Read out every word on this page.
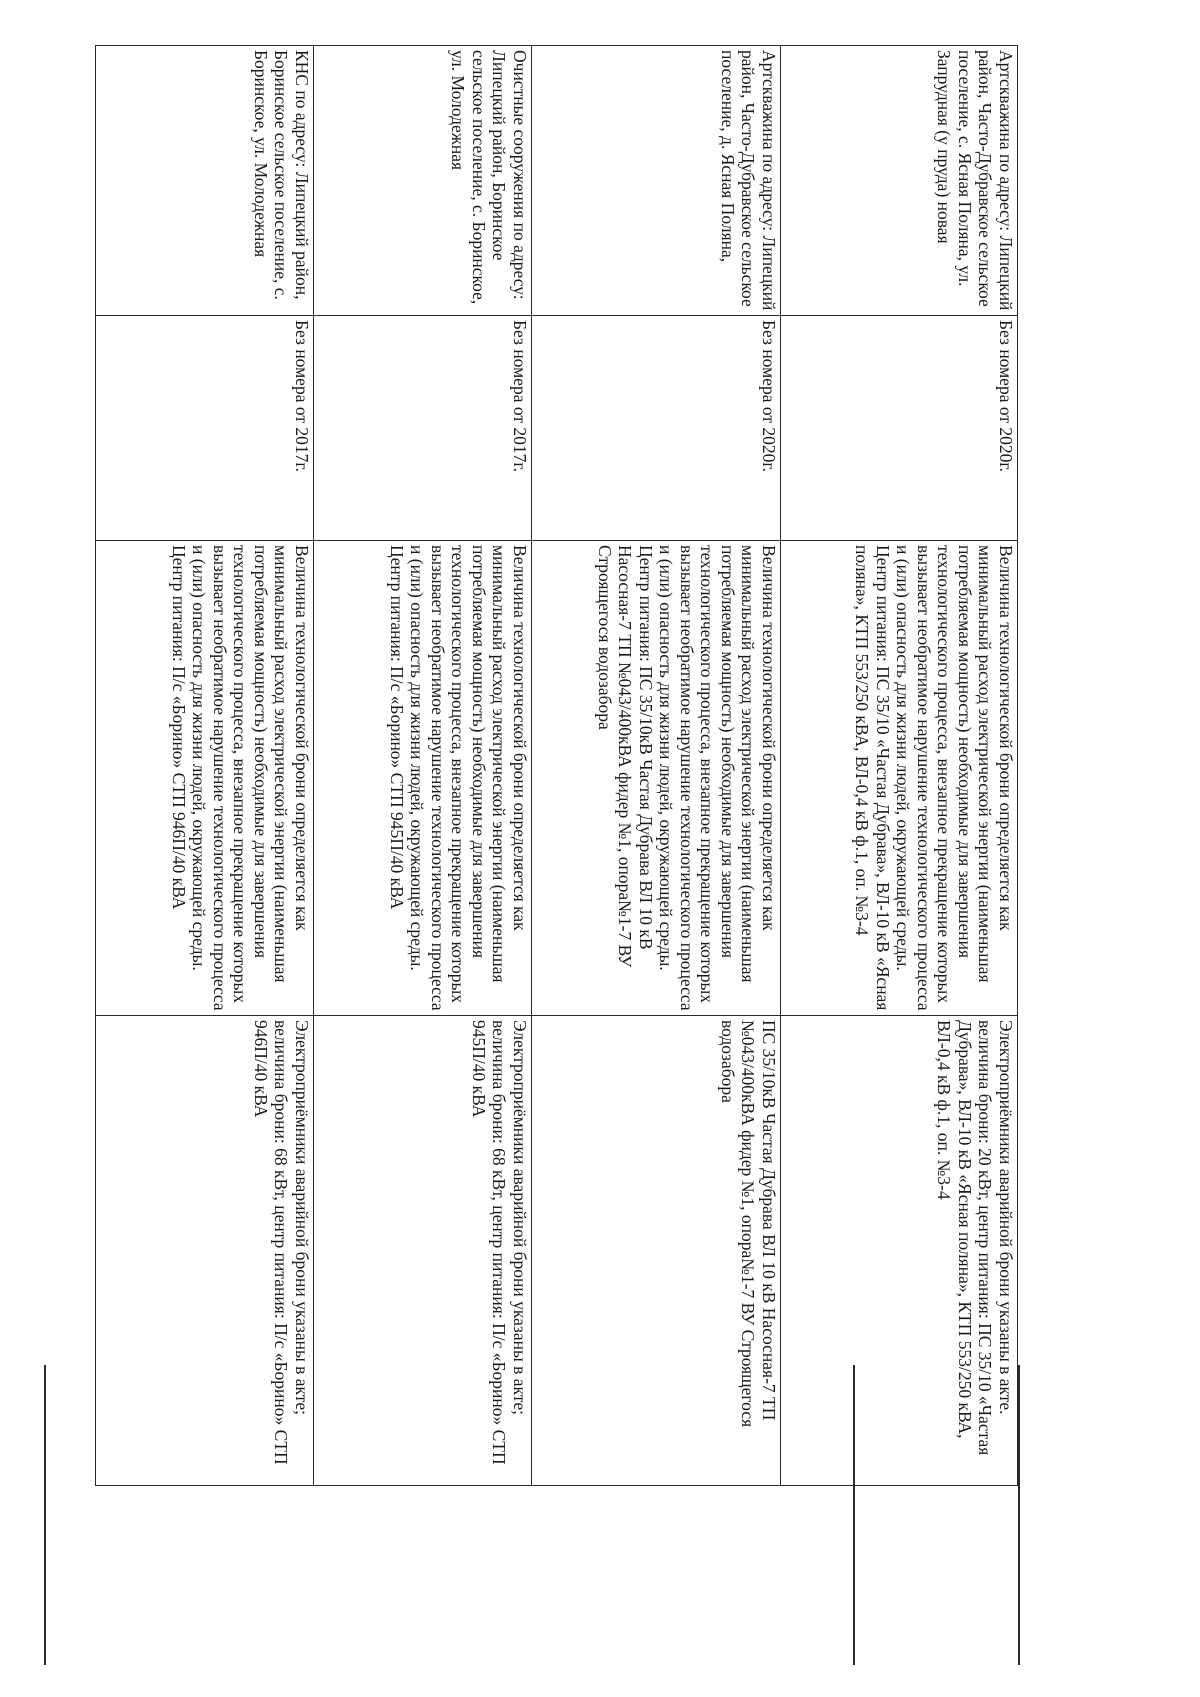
Артскважина по адресу: Липецкий район, Часто-Дубравское сельское поселение, с. Ясная Поляна, ул. Запрудная (у пруда) новая	Без номера от 2020г.	Величина технологической брони определяется как минимальный расход электрической энергии (наименьшая потребляемая мощность) необходимые для завершения технологического процесса, внезапное прекращение которых вызывает необратимое нарушение технологического процесса и (или) опасность для жизни людей, окружающей среды. Центр питания: ПС 35/10 «Частая Дубрава», ВЛ-10 кВ «Ясная поляна», КТП 553/250 кВА, ВЛ-0,4 кВ ф.1, оп. №3-4	Электроприёмники аварийной брони указаны в акте. величина брони: 20 кВт, центр питания: ПС 35/10 «Частая Дубрава», ВЛ-10 кВ «Ясная поляна», КТП 553/250 кВА, ВЛ-0,4 кВ ф.1, оп. №3-4
Артскважина по адресу: Липецкий район, Часто-Дубравское сельское поселение, д. Ясная Поляна,	Без номера от 2020г.	Величина технологической брони определяется как минимальный расход электрической энергии (наименьшая потребляемая мощность) необходимые для завершения технологического процесса, внезапное прекращение которых вызывает необратимое нарушение технологического процесса и (или) опасность для жизни людей, окружающей среды. Центр питания: ПС 35/10кВ Частая Дубрава ВЛ 10 кВ Насосная-7 ТП №043/400кВА фидер №1, опора№1-7 ВУ Строящегося водозабора	ПС 35/10кВ Частая Дубрава ВЛ 10 кВ Насосная-7 ТП №043/400кВА фидер №1, опора№1-7 ВУ Строящегося водозабора
Очистные сооружения по адресу: Липецкий район, Боринское сельское поселение, с. Боринское, ул. Молодежная	Без номера от 2017г.	Величина технологической брони определяется как минимальный расход электрической энергии (наименьшая потребляемая мощность) необходимые для завершения технологического процесса, внезапное прекращение которых вызывает необратимое нарушение технологического процесса и (или) опасность для жизни людей, окружающей среды. Центр питания: П/с «Борино» СТП 945П/40 кВА	Электроприёмники аварийной брони указаны в акте; величина брони: 68 кВт, центр питания: П/с «Борино» СТП 945П/40 кВА
КНС по адресу: Липецкий район, Боринское сельское поселение, с. Боринское, ул. Молодежная	Без номера от 2017г.	Величина технологической брони определяется как минимальный расход электрической энергии (наименьшая потребляемая мощность) необходимые для завершения технологического процесса, внезапное прекращение которых вызывает необратимое нарушение технологического процесса и (или) опасность для жизни людей, окружающей среды. Центр питания: П/с «Борино» СТП 946П/40 кВА	Электроприёмники аварийной брони указаны в акте; величина брони: 68 кВт, центр питания: П/с «Борино» СТП 946П/40 кВА
